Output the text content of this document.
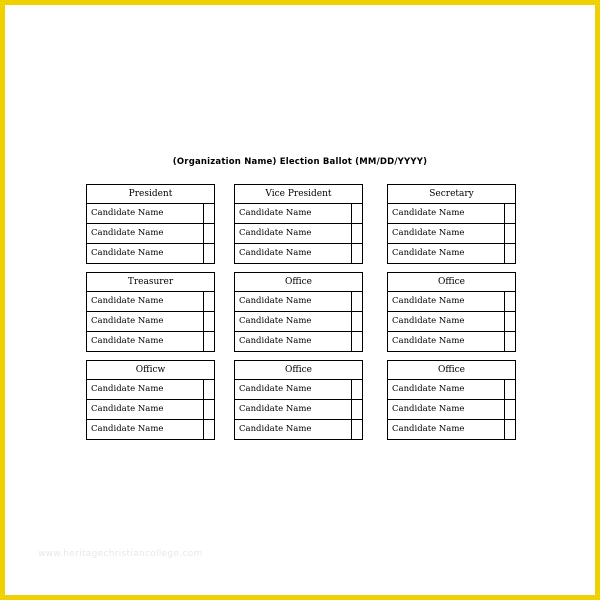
(Organization Name) Election Ballot (MM/DD/YYYY)
President
Candidate Name
Candidate Name
Candidate Name
Vice President
Candidate Name
Candidate Name
Candidate Name
Secretary
Candidate Name
Candidate Name
Candidate Name
Treasurer
Candidate Name
Candidate Name
Candidate Name
Office
Candidate Name
Candidate Name
Candidate Name
Office
Candidate Name
Candidate Name
Candidate Name
Officw
Candidate Name
Candidate Name
Candidate Name
Office
Candidate Name
Candidate Name
Candidate Name
Office
Candidate Name
Candidate Name
Candidate Name
www.heritagechristiancollege.com
